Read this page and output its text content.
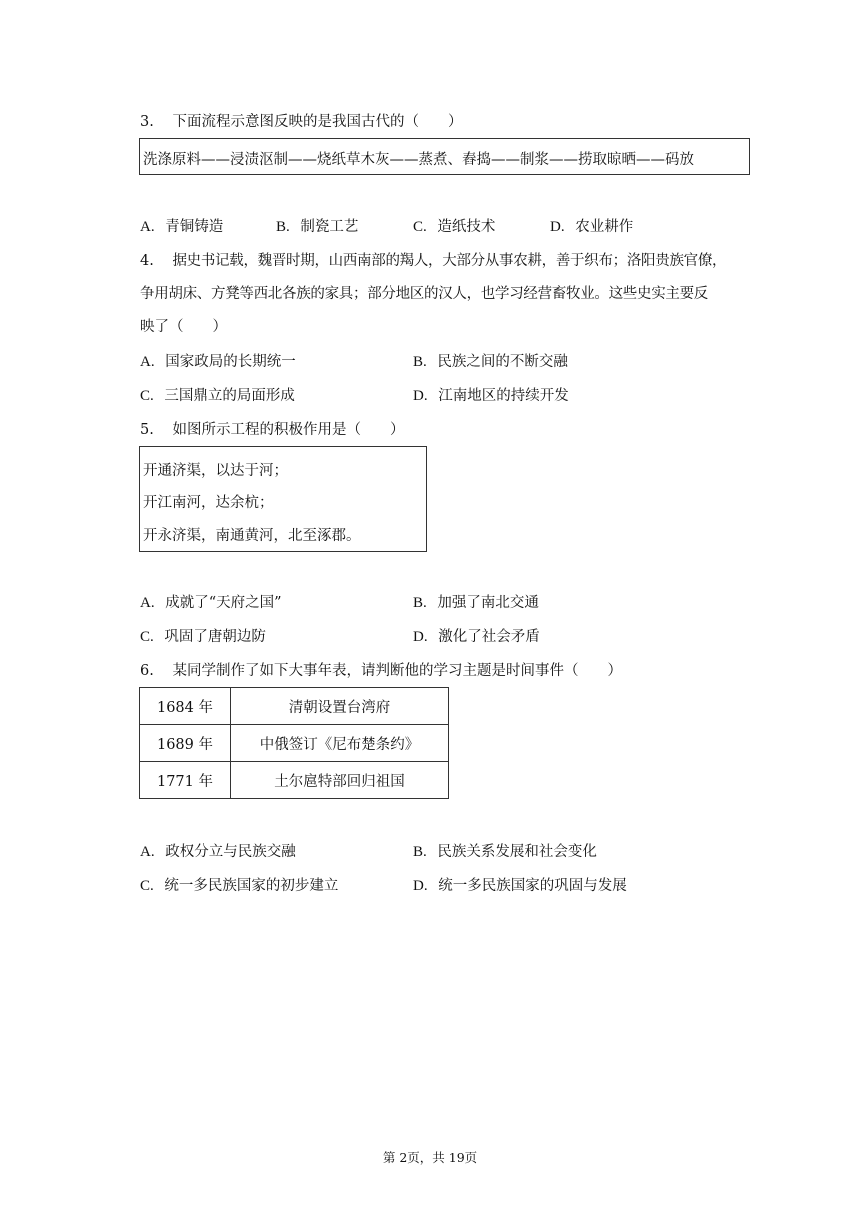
3. 下面流程示意图反映的是我国古代的（　　）
洗涤原料——浸渍沤制——烧纸草木灰——蒸煮、舂捣——制浆——捞取晾晒——码放
A. 青铜铸造	B. 制瓷工艺	C. 造纸技术	D. 农业耕作
4. 据史书记载，魏晋时期，山西南部的羯人，大部分从事农耕，善于织布；洛阳贵族官僚，
争用胡床、方凳等西北各族的家具；部分地区的汉人，也学习经营畜牧业。这些史实主要反
映了（　　）
A. 国家政局的长期统一	B. 民族之间的不断交融
C. 三国鼎立的局面形成	D. 江南地区的持续开发
5. 如图所示工程的积极作用是（　　）
开通济渠，以达于河；
开江南河，达余杭；
开永济渠，南通黄河，北至涿郡。
A. 成就了“天府之国”	B. 加强了南北交通
C. 巩固了唐朝边防	D. 激化了社会矛盾
6. 某同学制作了如下大事年表，请判断他的学习主题是时间事件（　　）
1684 年	清朝设置台湾府
1689 年	中俄签订《尼布楚条约》
1771 年	土尔扈特部回归祖国
A. 政权分立与民族交融	B. 民族关系发展和社会变化
C. 统一多民族国家的初步建立	D. 统一多民族国家的巩固与发展
第 2页，共 19页
